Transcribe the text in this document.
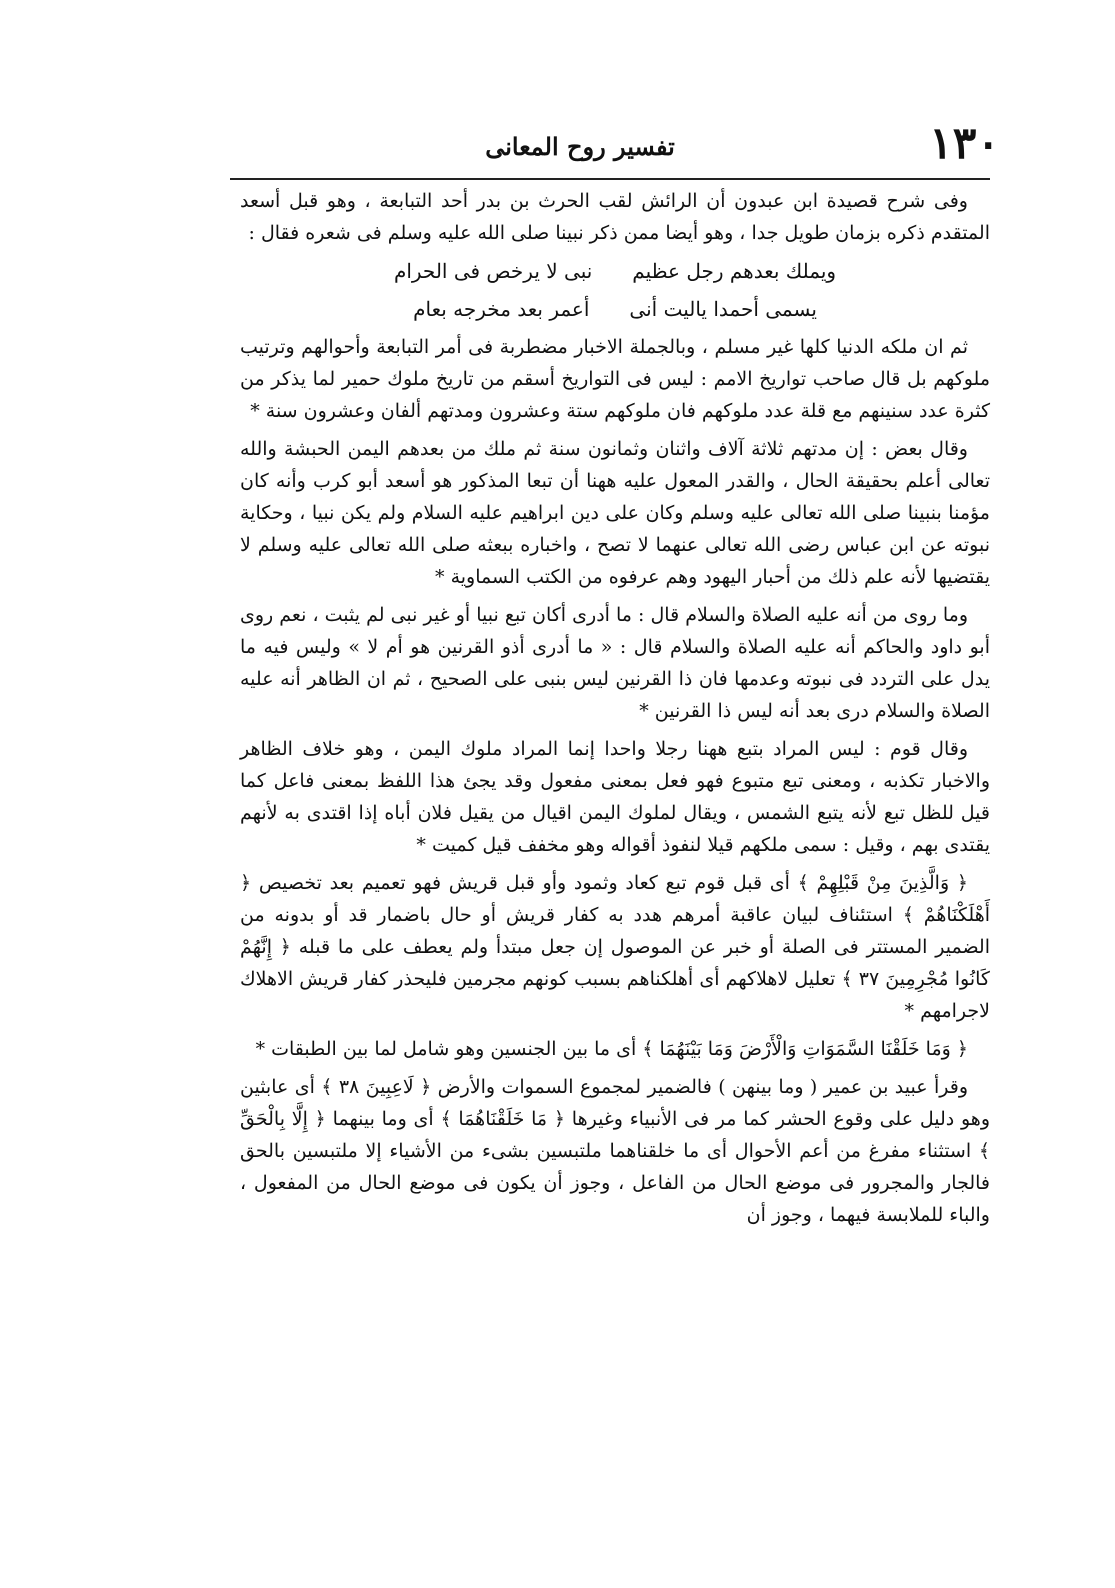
١٣٠
تفسير روح المعانى

وفى شرح قصيدة ابن عبدون أن الرائش لقب الحرث بن بدر أحد التبابعة ، وهو قبل أسعد المتقدم ذكره بزمان طويل جدا ، وهو أيضا ممن ذكر نبينا صلى الله عليه وسلم فى شعره فقال :

ويملك بعدهم رجل عظيم
نبى لا يرخص فى الحرام
يسمى أحمدا ياليت أنى
أعمر بعد مخرجه بعام

ثم ان ملكه الدنيا كلها غير مسلم ، وبالجملة الاخبار مضطربة فى أمر التبابعة وأحوالهم وترتيب ملوكهم بل قال صاحب تواريخ الامم : ليس فى التواريخ أسقم من تاريخ ملوك حمير لما يذكر من كثرة عدد سنينهم مع قلة عدد ملوكهم فان ملوكهم ستة وعشرون ومدتهم ألفان وعشرون سنة *

وقال بعض : إن مدتهم ثلاثة آلاف واثنان وثمانون سنة ثم ملك من بعدهم اليمن الحبشة والله تعالى أعلم بحقيقة الحال ، والقدر المعول عليه ههنا أن تبعا المذكور هو أسعد أبو كرب وأنه كان مؤمنا بنبينا صلى الله تعالى عليه وسلم وكان على دين ابراهيم عليه السلام ولم يكن نبيا ، وحكاية نبوته عن ابن عباس رضى الله تعالى عنهما لا تصح ، واخباره ببعثه صلى الله تعالى عليه وسلم لا يقتضيها لأنه علم ذلك من أحبار اليهود وهم عرفوه من الكتب السماوية *

وما روى من أنه عليه الصلاة والسلام قال : ما أدرى أكان تبع نبيا أو غير نبى لم يثبت ، نعم روى أبو داود والحاكم أنه عليه الصلاة والسلام قال : « ما أدرى أذو القرنين هو أم لا » وليس فيه ما يدل على التردد فى نبوته وعدمها فان ذا القرنين ليس بنبى على الصحيح ، ثم ان الظاهر أنه عليه الصلاة والسلام درى بعد أنه ليس ذا القرنين *

وقال قوم : ليس المراد بتبع ههنا رجلا واحدا إنما المراد ملوك اليمن ، وهو خلاف الظاهر والاخبار تكذبه ، ومعنى تبع متبوع فهو فعل بمعنى مفعول وقد يجئ هذا اللفظ بمعنى فاعل كما قيل للظل تبع لأنه يتبع الشمس ، ويقال لملوك اليمن اقيال من يقيل فلان أباه إذا اقتدى به لأنهم يقتدى بهم ، وقيل : سمى ملكهم قيلا لنفوذ أقواله وهو مخفف قيل كميت *

﴿ وَالَّذِينَ مِنْ قَبْلِهِمْ ﴾ أى قبل قوم تبع كعاد وثمود وأو قبل قريش فهو تعميم بعد تخصيص ﴿ أَهْلَكْنَاهُمْ ﴾ استئناف لبيان عاقبة أمرهم هدد به كفار قريش أو حال باضمار قد أو بدونه من الضمير المستتر فى الصلة أو خبر عن الموصول إن جعل مبتدأ ولم يعطف على ما قبله ﴿ إِنَّهُمْ كَانُوا مُجْرِمِينَ ٣٧ ﴾ تعليل لاهلاكهم أى أهلكناهم بسبب كونهم مجرمين فليحذر كفار قريش الاهلاك لاجرامهم *

﴿ وَمَا خَلَقْنَا السَّمَوَاتِ وَالْأَرْضَ وَمَا بَيْنَهُمَا ﴾ أى ما بين الجنسين وهو شامل لما بين الطبقات *

وقرأ عبيد بن عمير ( وما بينهن ) فالضمير لمجموع السموات والأرض ﴿ لَاعِبِينَ ٣٨ ﴾ أى عابثين وهو دليل على وقوع الحشر كما مر فى الأنبياء وغيرها ﴿ مَا خَلَقْنَاهُمَا ﴾ أى وما بينهما ﴿ إِلَّا بِالْحَقِّ ﴾ استثناء مفرغ من أعم الأحوال أى ما خلقناهما ملتبسين بشىء من الأشياء إلا ملتبسين بالحق فالجار والمجرور فى موضع الحال من الفاعل ، وجوز أن يكون فى موضع الحال من المفعول ، والباء للملابسة فيهما ، وجوز أن
